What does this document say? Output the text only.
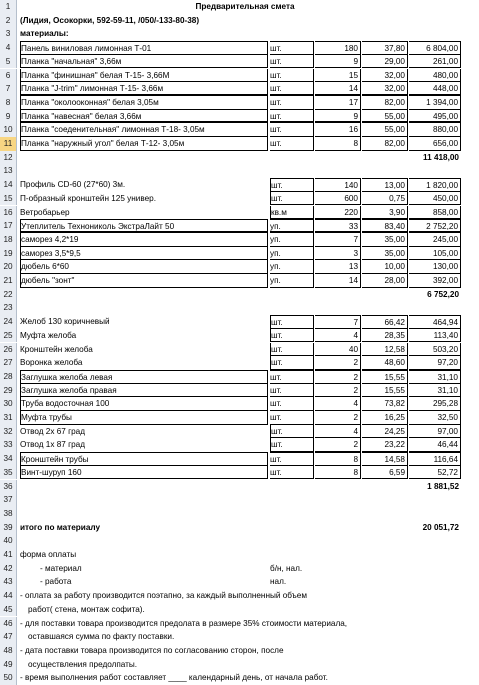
1	Предварительная смета
2	(Лидия, Осокорки, 592-59-11, /050/-133-80-38)
3	материалы:
4	Панель виниловая лимонная Т-01	шт.	180	37,80	6 804,00
5	Планка "начальная" 3,66м	шт.	9	29,00	261,00
6	Планка "финишная" белая Т-15- 3,66М	шт.	15	32,00	480,00
7	Планка "J-trim" лимонная Т-15- 3,66м	шт.	14	32,00	448,00
8	Планка "околооконная" белая 3,05м	шт.	17	82,00	1 394,00
9	Планка "навесная" белая 3,66м	шт.	9	55,00	495,00
10	Планка "соеденительная" лимонная Т-18- 3,05м	шт.	16	55,00	880,00
11	Планка "наружный угол" белая Т-12- 3,05м	шт.	8	82,00	656,00
12	11 418,00
13
14 Профиль CD-60 (27*60) 3м.	шт.	140	13,00	1 820,00
15 П-образный кронштейн 125 универ.	шт.	600	0,75	450,00
16 Ветробарьер	кв.м	220	3,90	858,00
17	Утеплитель Технониколь ЭкстраЛайт 50	уп.	33	83,40	2 752,20
18	саморез 4,2*19	уп.	7	35,00	245,00
19	саморез 3,5*9,5	уп.	3	35,00	105,00
20	дюбель 6*60	уп.	13	10,00	130,00
21	дюбель "зонт"	уп.	14	28,00	392,00
22	6 752,20
23
24 Желоб 130 коричневый	шт.	7	66,42	464,94
25 Муфта желоба	шт.	4	28,35	113,40
26 Кронштейн желоба	шт.	40	12,58	503,20
27 Воронка желоба	шт.	2	48,60	97,20
28	Заглушка желоба левая	шт.	2	15,55	31,10
29	Заглушка желоба правая	шт.	2	15,55	31,10
30	Труба водосточная 100	шт.	4	73,82	295,28
31	Муфта трубы	шт.	2	16,25	32,50
32 Отвод 2х 67 град	шт.	4	24,25	97,00
33 Отвод 1х 87 град	шт.	2	23,22	46,44
34	Кронштейн трубы	шт.	8	14,58	116,64
35	Винт-шуруп 160	шт.	8	6,59	52,72
36	1 881,52
37
38
39 итого по материалу	20 051,72
40
41 форма оплаты
42	- материал	б/н, нал.
43	- работа	нал.
44 - оплата за работу производится поэтапно, за каждый выполненный объем
45	работ( стена, монтаж софита).
46 - для поставки товара производится предолата в размере 35% стоимости материала,
47	оставшаяся сумма по факту поставки.
48 - дата поставки товара производится по согласованию сторон, после
49	осуществления предолпаты.
50 - время выполнения работ составляет ____ календарный день, от начала работ.
